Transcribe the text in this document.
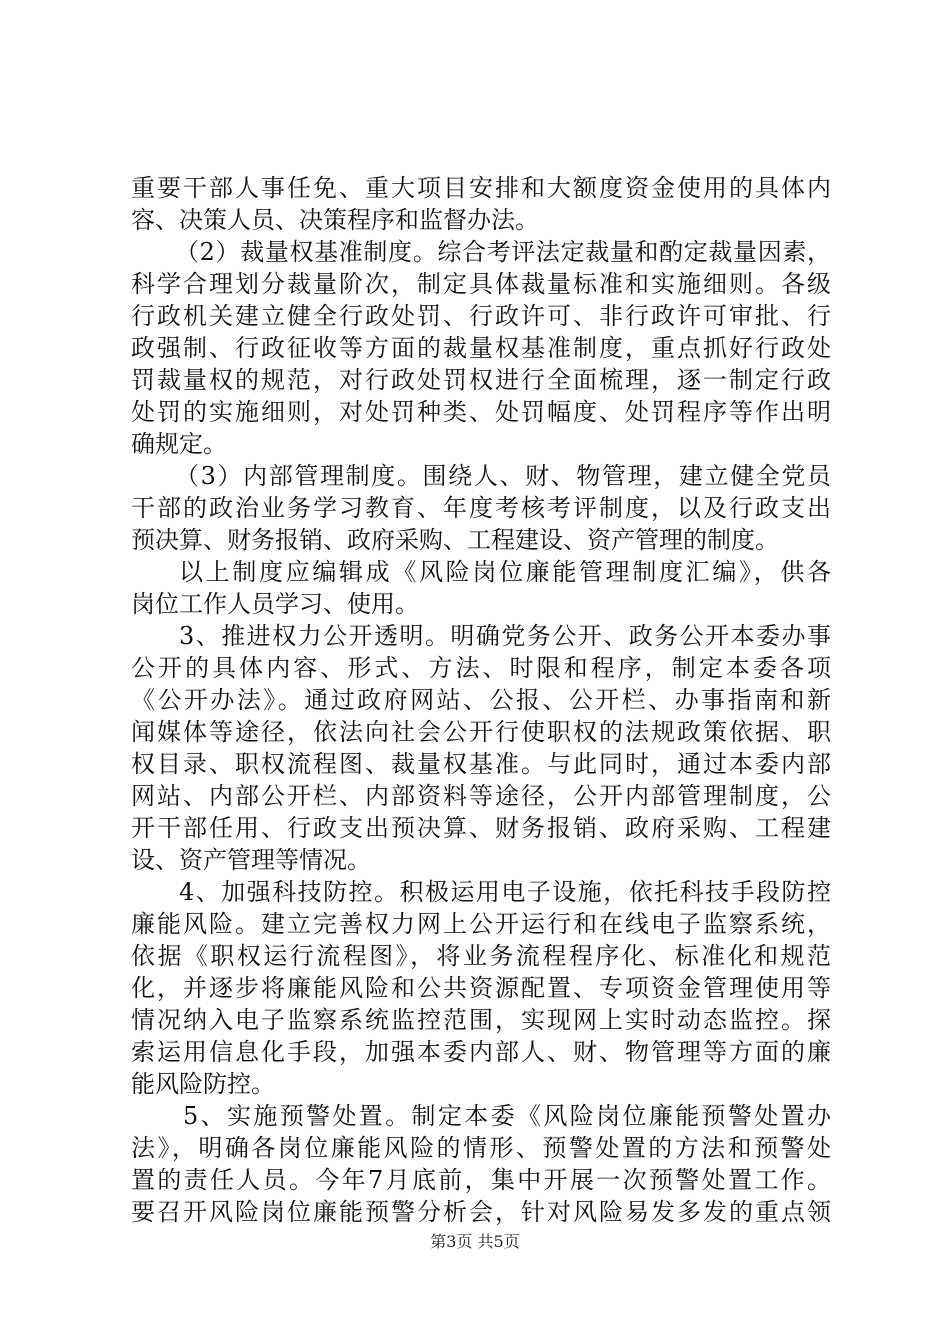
重要干部人事任免、重大项目安排和大额度资金使用的具体内
容、决策人员、决策程序和监督办法。
（2）裁量权基准制度。综合考评法定裁量和酌定裁量因素，
科学合理划分裁量阶次，制定具体裁量标准和实施细则。各级
行政机关建立健全行政处罚、行政许可、非行政许可审批、行
政强制、行政征收等方面的裁量权基准制度，重点抓好行政处
罚裁量权的规范，对行政处罚权进行全面梳理，逐一制定行政
处罚的实施细则，对处罚种类、处罚幅度、处罚程序等作出明
确规定。
（3）内部管理制度。围绕人、财、物管理，建立健全党员
干部的政治业务学习教育、年度考核考评制度，以及行政支出
预决算、财务报销、政府采购、工程建设、资产管理的制度。
以上制度应编辑成《风险岗位廉能管理制度汇编》，供各
岗位工作人员学习、使用。
3、推进权力公开透明。明确党务公开、政务公开本委办事
公开的具体内容、形式、方法、时限和程序，制定本委各项
《公开办法》。通过政府网站、公报、公开栏、办事指南和新
闻媒体等途径，依法向社会公开行使职权的法规政策依据、职
权目录、职权流程图、裁量权基准。与此同时，通过本委内部
网站、内部公开栏、内部资料等途径，公开内部管理制度，公
开干部任用、行政支出预决算、财务报销、政府采购、工程建
设、资产管理等情况。
4、加强科技防控。积极运用电子设施，依托科技手段防控
廉能风险。建立完善权力网上公开运行和在线电子监察系统，
依据《职权运行流程图》，将业务流程程序化、标准化和规范
化，并逐步将廉能风险和公共资源配置、专项资金管理使用等
情况纳入电子监察系统监控范围，实现网上实时动态监控。探
索运用信息化手段，加强本委内部人、财、物管理等方面的廉
能风险防控。
5、实施预警处置。制定本委《风险岗位廉能预警处置办
法》，明确各岗位廉能风险的情形、预警处置的方法和预警处
置的责任人员。今年7月底前，集中开展一次预警处置工作。
要召开风险岗位廉能预警分析会，针对风险易发多发的重点领
第3页 共5页
